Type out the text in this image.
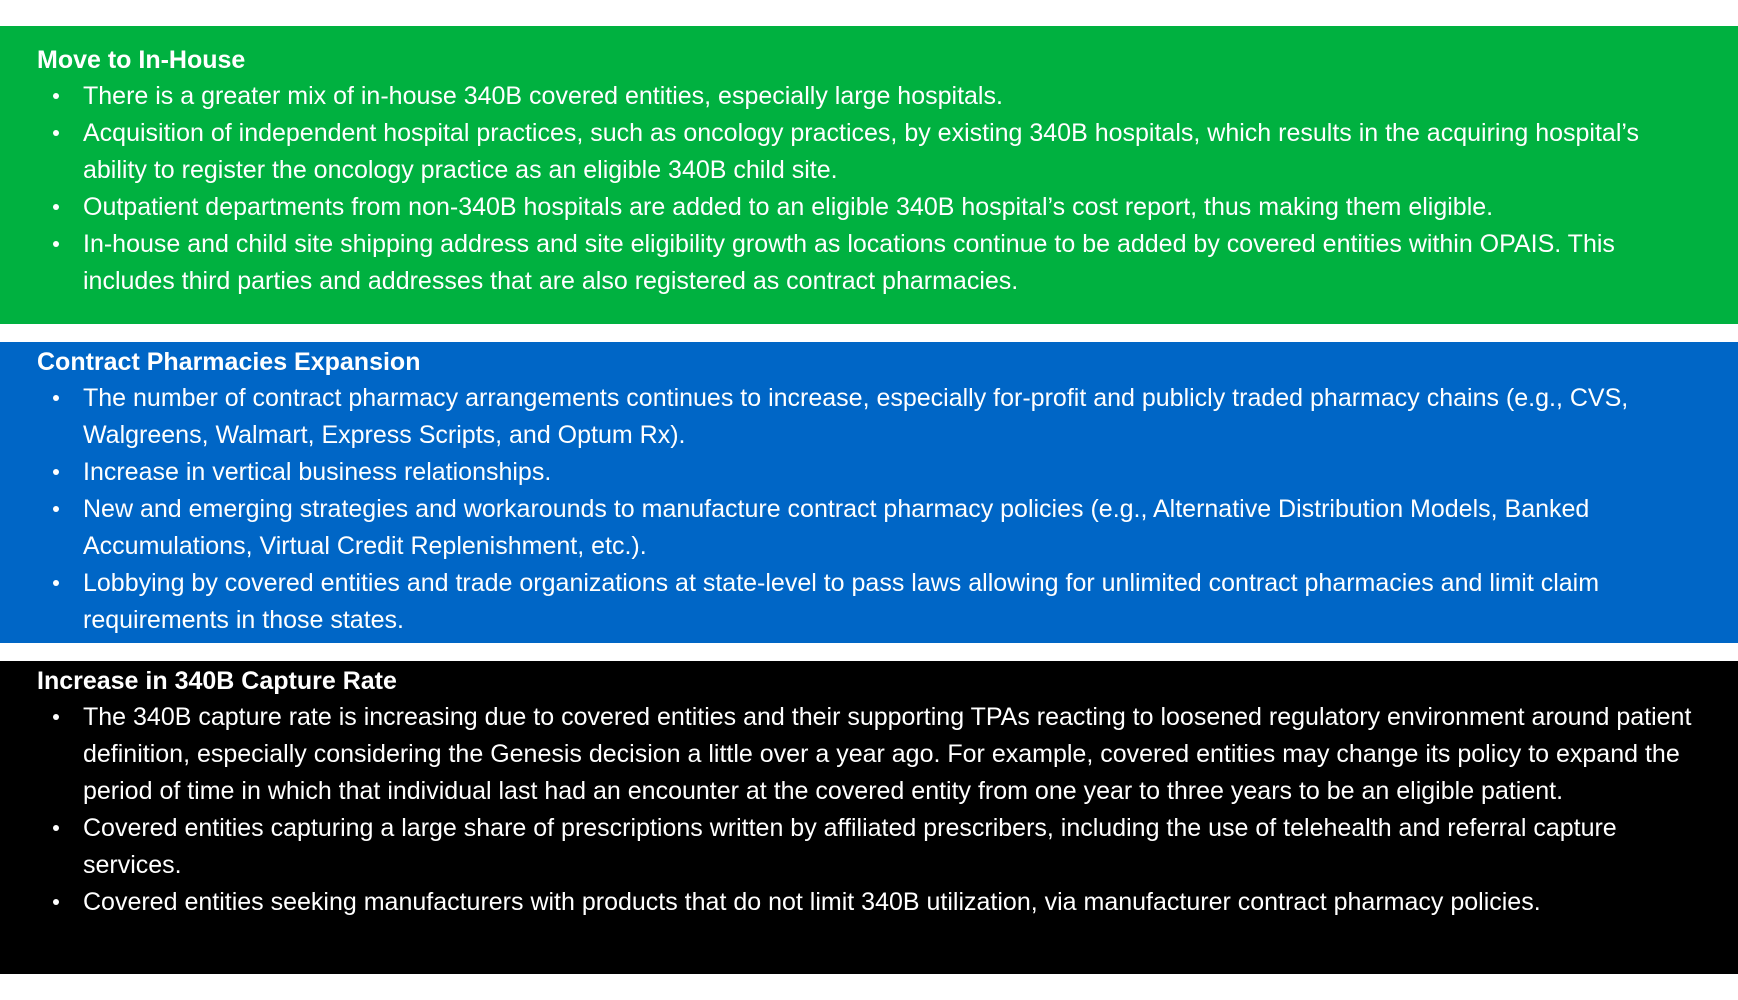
Move to In-House
There is a greater mix of in-house 340B covered entities, especially large hospitals.
Acquisition of independent hospital practices, such as oncology practices, by existing 340B hospitals, which results in the acquiring hospital’s ability to register the oncology practice as an eligible 340B child site.
Outpatient departments from non-340B hospitals are added to an eligible 340B hospital’s cost report, thus making them eligible.
In-house and child site shipping address and site eligibility growth as locations continue to be added by covered entities within OPAIS. This includes third parties and addresses that are also registered as contract pharmacies.
Contract Pharmacies Expansion
The number of contract pharmacy arrangements continues to increase, especially for-profit and publicly traded pharmacy chains (e.g., CVS, Walgreens, Walmart, Express Scripts, and Optum Rx).
Increase in vertical business relationships.
New and emerging strategies and workarounds to manufacture contract pharmacy policies (e.g., Alternative Distribution Models, Banked Accumulations, Virtual Credit Replenishment, etc.).
Lobbying by covered entities and trade organizations at state-level to pass laws allowing for unlimited contract pharmacies and limit claim requirements in those states.
Increase in 340B Capture Rate
The 340B capture rate is increasing due to covered entities and their supporting TPAs reacting to loosened regulatory environment around patient definition, especially considering the Genesis decision a little over a year ago. For example, covered entities may change its policy to expand the period of time in which that individual last had an encounter at the covered entity from one year to three years to be an eligible patient.
Covered entities capturing a large share of prescriptions written by affiliated prescribers, including the use of telehealth and referral capture services.
Covered entities seeking manufacturers with products that do not limit 340B utilization, via manufacturer contract pharmacy policies.
